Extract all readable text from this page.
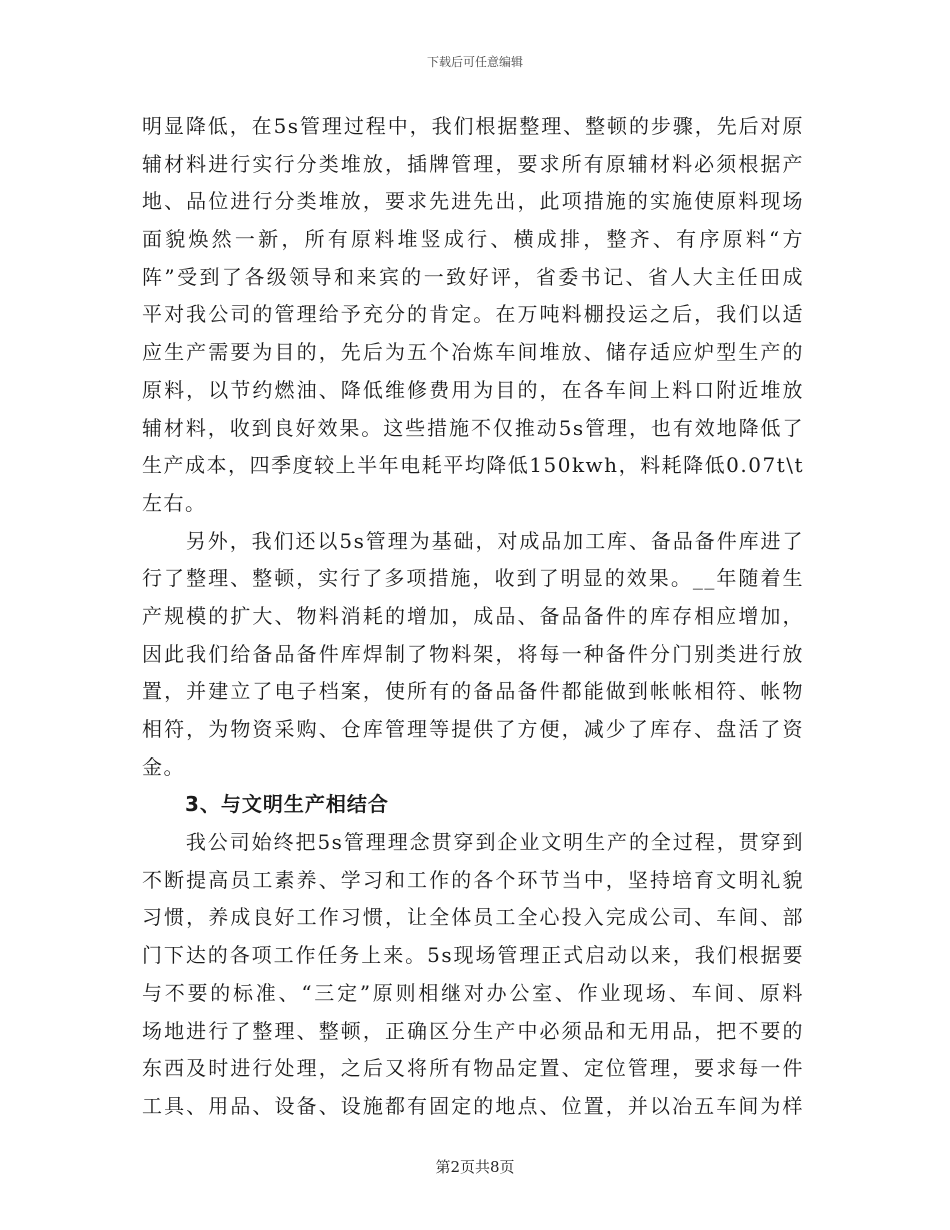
下载后可任意编辑
明显降低，在5s管理过程中，我们根据整理、整顿的步骤，先后对原
辅材料进行实行分类堆放，插牌管理，要求所有原辅材料必须根据产
地、品位进行分类堆放，要求先进先出，此项措施的实施使原料现场
面貌焕然一新，所有原料堆竖成行、横成排，整齐、有序原料“方
阵”受到了各级领导和来宾的一致好评，省委书记、省人大主任田成
平对我公司的管理给予充分的肯定。在万吨料棚投运之后，我们以适
应生产需要为目的，先后为五个冶炼车间堆放、储存适应炉型生产的
原料，以节约燃油、降低维修费用为目的，在各车间上料口附近堆放
辅材料，收到良好效果。这些措施不仅推动5s管理，也有效地降低了
生产成本，四季度较上半年电耗平均降低150kwh，料耗降低0.07t\t
左右。
　　另外，我们还以5s管理为基础，对成品加工库、备品备件库进了
行了整理、整顿，实行了多项措施，收到了明显的效果。__年随着生
产规模的扩大、物料消耗的增加，成品、备品备件的库存相应增加，
因此我们给备品备件库焊制了物料架，将每一种备件分门别类进行放
置，并建立了电子档案，使所有的备品备件都能做到帐帐相符、帐物
相符，为物资采购、仓库管理等提供了方便，减少了库存、盘活了资
金。
3、与文明生产相结合
　　我公司始终把5s管理理念贯穿到企业文明生产的全过程，贯穿到
不断提高员工素养、学习和工作的各个环节当中，坚持培育文明礼貌
习惯，养成良好工作习惯，让全体员工全心投入完成公司、车间、部
门下达的各项工作任务上来。5s现场管理正式启动以来，我们根据要
与不要的标准、“三定”原则相继对办公室、作业现场、车间、原料
场地进行了整理、整顿，正确区分生产中必须品和无用品，把不要的
东西及时进行处理，之后又将所有物品定置、定位管理，要求每一件
工具、用品、设备、设施都有固定的地点、位置，并以冶五车间为样
第2页共8页
